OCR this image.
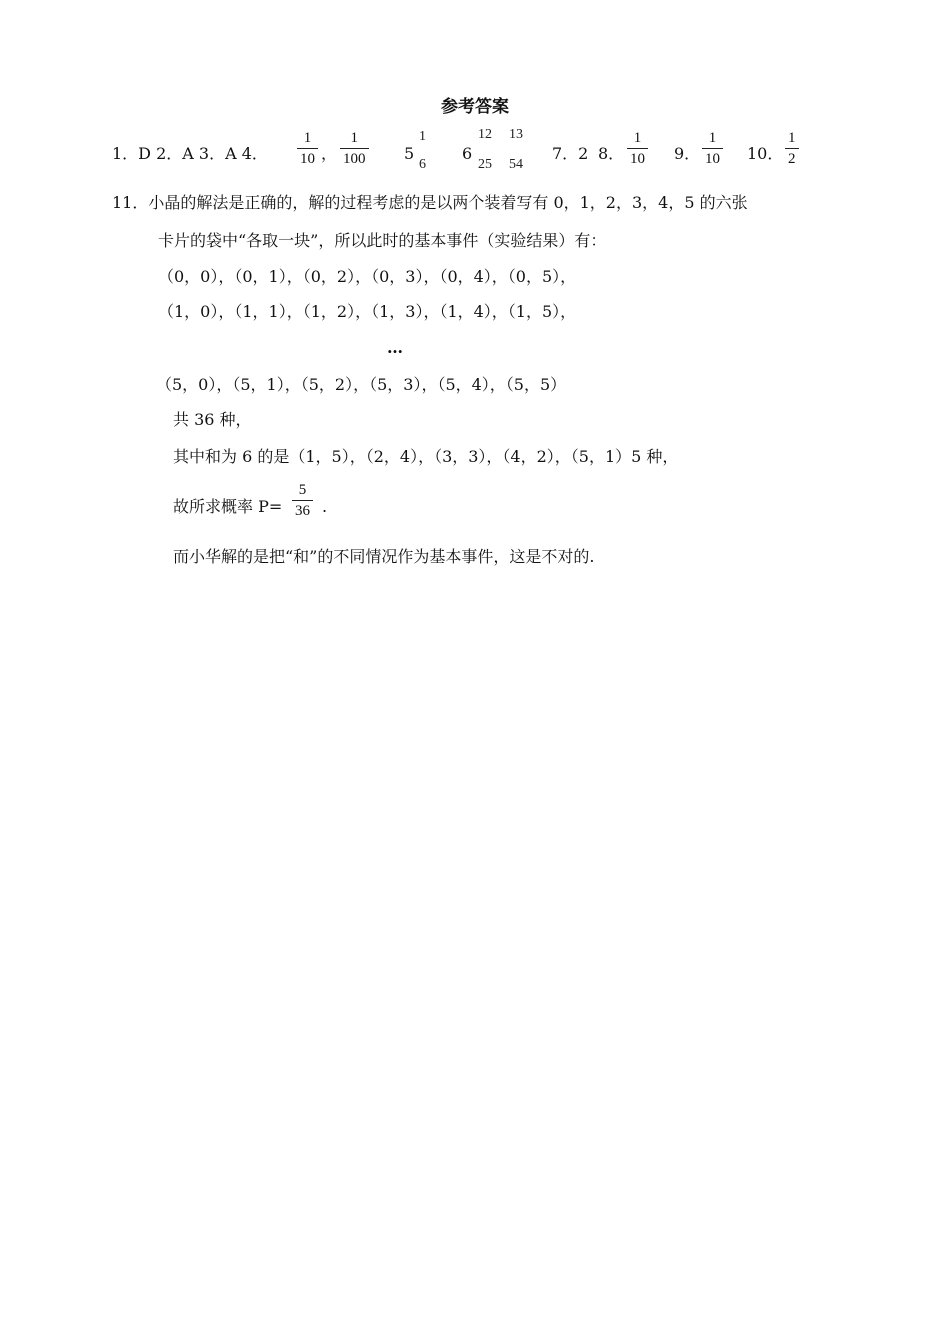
参考答案
1．D 2．A 3．A 4．
1
10 ，
1
100 5
1
6
6
12
25
13
54
7．2 8．
1
10 9．
1
10 10．
1
2
11．小晶的解法是正确的，解的过程考虑的是以两个装着写有 0，1，2，3，4，5 的六张
卡片的袋中“各取一块”，所以此时的基本事件（实验结果）有：
（0，0），（0，1），（0，2），（0，3），（0，4），（0，5），
（1，0），（1，1），（1，2），（1，3），（1，4），（1，5），
…
（5，0），（5，1），（5，2），（5，3），（5，4），（5，5）
共 36 种，
其中和为 6 的是（1，5），（2，4），（3，3），（4，2），（5，1）5 种，
故所求概率 P=
5
36 .
而小华解的是把“和”的不同情况作为基本事件，这是不对的.
